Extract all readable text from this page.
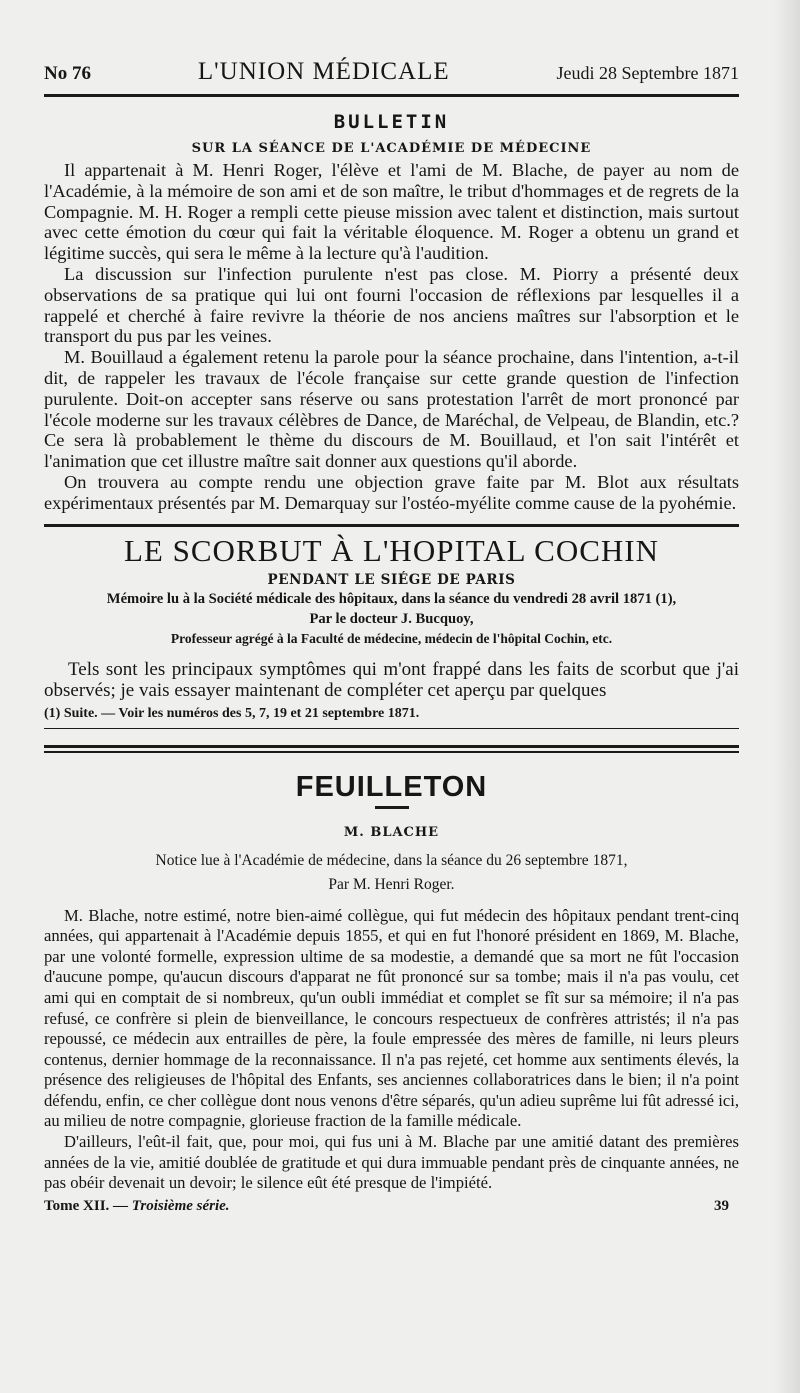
No 76	L'UNION MÉDICALE	Jeudi 28 Septembre 1871
BULLETIN
SUR LA SÉANCE DE L'ACADÉMIE DE MÉDECINE

Il appartenait à M. Henri Roger, l'élève et l'ami de M. Blache, de payer au nom de l'Académie, à la mémoire de son ami et de son maître, le tribut d'hommages et de regrets de la Compagnie. M. H. Roger a rempli cette pieuse mission avec talent et distinction, mais surtout avec cette émotion du cœur qui fait la véritable éloquence. M. Roger a obtenu un grand et légitime succès, qui sera le même à la lecture qu'à l'audition.

La discussion sur l'infection purulente n'est pas close. M. Piorry a présenté deux observations de sa pratique qui lui ont fourni l'occasion de réflexions par lesquelles il a rappelé et cherché à faire revivre la théorie de nos anciens maîtres sur l'absorption et le transport du pus par les veines.

M. Bouillaud a également retenu la parole pour la séance prochaine, dans l'intention, a-t-il dit, de rappeler les travaux de l'école française sur cette grande question de l'infection purulente. Doit-on accepter sans réserve ou sans protestation l'arrêt de mort prononcé par l'école moderne sur les travaux célèbres de Dance, de Maréchal, de Velpeau, de Blandin, etc.? Ce sera là probablement le thème du discours de M. Bouillaud, et l'on sait l'intérêt et l'animation que cet illustre maître sait donner aux questions qu'il aborde.

On trouvera au compte rendu une objection grave faite par M. Blot aux résultats expérimentaux présentés par M. Demarquay sur l'ostéo-myélite comme cause de la pyohémie.

LE SCORBUT À L'HOPITAL COCHIN
PENDANT LE SIÉGE DE PARIS
Mémoire lu à la Société médicale des hôpitaux, dans la séance du vendredi 28 avril 1871 (1),
Par le docteur J. Bucquoy,
Professeur agrégé à la Faculté de médecine, médecin de l'hôpital Cochin, etc.
Tels sont les principaux symptômes qui m'ont frappé dans les faits de scorbut que j'ai observés; je vais essayer maintenant de compléter cet aperçu par quelques
(1) Suite. — Voir les numéros des 5, 7, 19 et 21 septembre 1871.
FEUILLETON
M. BLACHE
Notice lue à l'Académie de médecine, dans la séance du 26 septembre 1871,
Par M. Henri Roger.

M. Blache, notre estimé, notre bien-aimé collègue, qui fut médecin des hôpitaux pendant trent-cinq années, qui appartenait à l'Académie depuis 1855, et qui en fut l'honoré président en 1869, M. Blache, par une volonté formelle, expression ultime de sa modestie, a demandé que sa mort ne fût l'occasion d'aucune pompe, qu'aucun discours d'apparat ne fût prononcé sur sa tombe; mais il n'a pas voulu, cet ami qui en comptait de si nombreux, qu'un oubli immédiat et complet se fît sur sa mémoire; il n'a pas refusé, ce confrère si plein de bienveillance, le concours respectueux de confrères attristés; il n'a pas repoussé, ce médecin aux entrailles de père, la foule empressée des mères de famille, ni leurs pleurs contenus, dernier hommage de la reconnaissance. Il n'a pas rejeté, cet homme aux sentiments élevés, la présence des religieuses de l'hôpital des Enfants, ses anciennes collaboratrices dans le bien; il n'a point défendu, enfin, ce cher collègue dont nous venons d'être séparés, qu'un adieu suprême lui fût adressé ici, au milieu de notre compagnie, glorieuse fraction de la famille médicale.

D'ailleurs, l'eût-il fait, que, pour moi, qui fus uni à M. Blache par une amitié datant des premières années de la vie, amitié doublée de gratitude et qui dura immuable pendant près de cinquante années, ne pas obéir devenait un devoir; le silence eût été presque de l'impiété.

Tome XII. — Troisième série.	39
